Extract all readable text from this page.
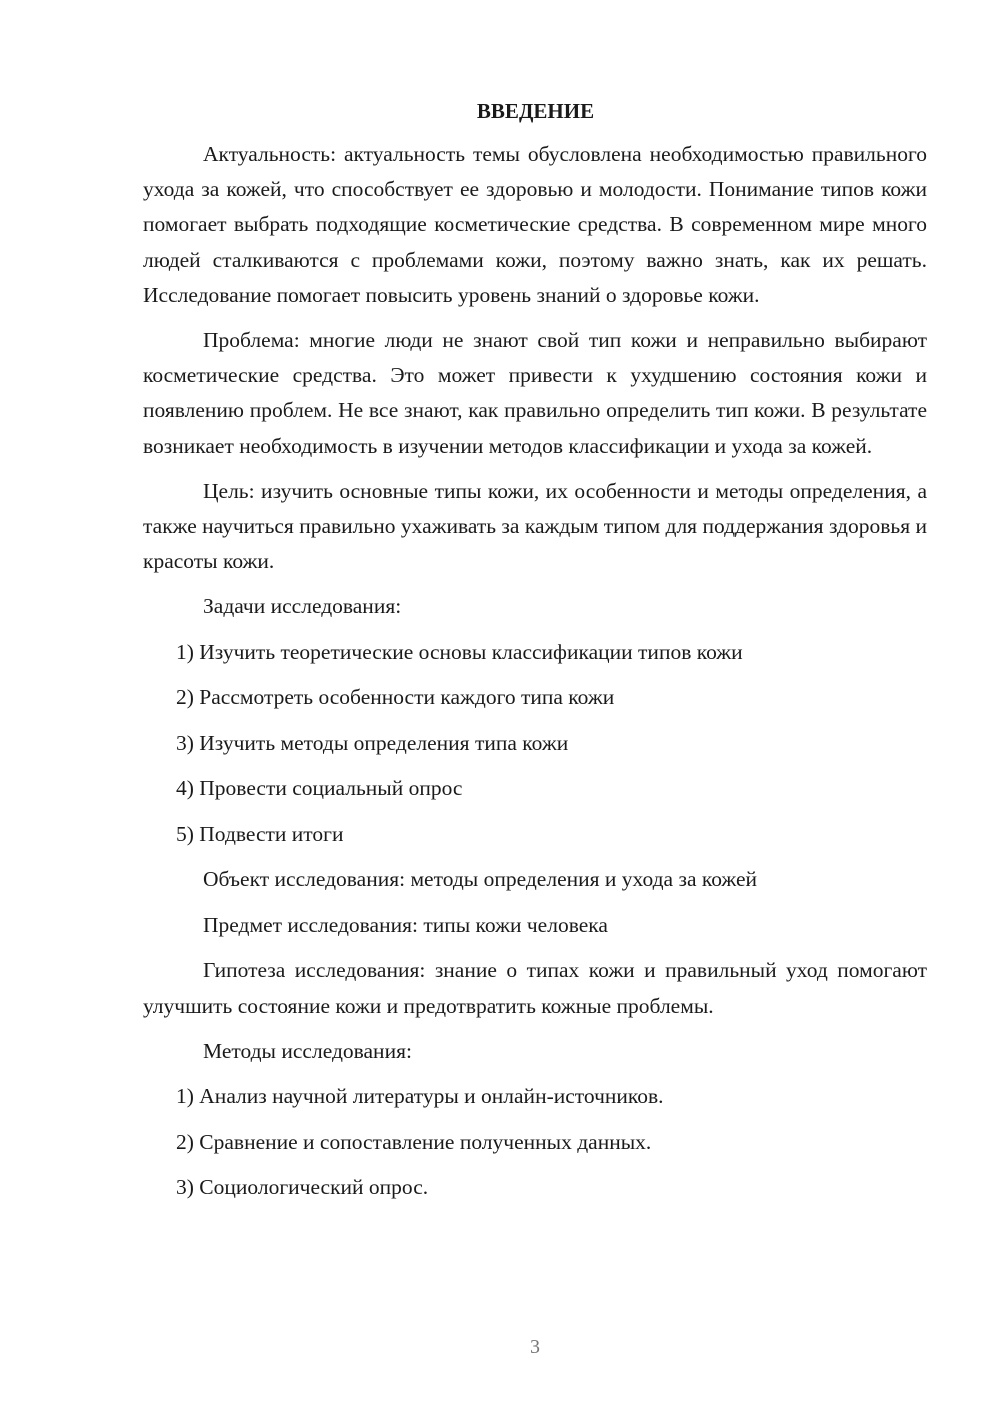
ВВЕДЕНИЕ

Актуальность: актуальность темы обусловлена необходимостью правильного ухода за кожей, что способствует ее здоровью и молодости. Понимание типов кожи помогает выбрать подходящие косметические средства. В современном мире много людей сталкиваются с проблемами кожи, поэтому важно знать, как их решать. Исследование помогает повысить уровень знаний о здоровье кожи.

Проблема: многие люди не знают свой тип кожи и неправильно выбирают косметические средства. Это может привести к ухудшению состояния кожи и появлению проблем. Не все знают, как правильно определить тип кожи. В результате возникает необходимость в изучении методов классификации и ухода за кожей.

Цель: изучить основные типы кожи, их особенности и методы определения, а также научиться правильно ухаживать за каждым типом для поддержания здоровья и красоты кожи.

Задачи исследования:
1) Изучить теоретические основы классификации типов кожи
2) Рассмотреть особенности каждого типа кожи
3) Изучить методы определения типа кожи
4) Провести социальный опрос
5) Подвести итоги
Объект исследования: методы определения и ухода за кожей
Предмет исследования: типы кожи человека

Гипотеза исследования: знание о типах кожи и правильный уход помогают улучшить состояние кожи и предотвратить кожные проблемы.

Методы исследования:
1) Анализ научной литературы и онлайн-источников.
2) Сравнение и сопоставление полученных данных.
3) Социологический опрос.
3
